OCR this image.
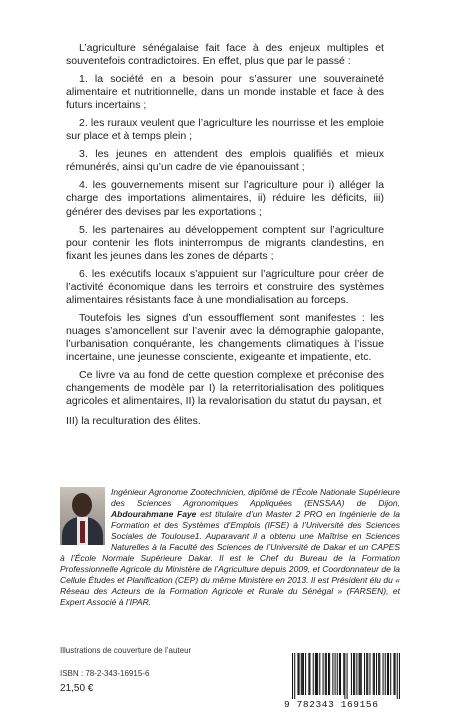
L’agriculture sénégalaise fait face à des enjeux multiples et souventefois contradictoires. En effet, plus que par le passé :

1. la société en a besoin pour s’assurer une souveraineté alimentaire et nutritionnelle, dans un monde instable et face à des futurs incertains ;

2. les ruraux veulent que l’agriculture les nourrisse et les emploie sur place et à temps plein ;

3. les jeunes en attendent des emplois qualifiés et mieux rémunérés, ainsi qu’un cadre de vie épanouissant ;

4. les gouvernements misent sur l’agriculture pour i) alléger la charge des importations alimentaires, ii) réduire les déficits, iii) générer des devises par les exportations ;

5. les partenaires au développement comptent sur l’agriculture pour contenir les flots ininterrompus de migrants clandestins, en fixant les jeunes dans les zones de départs ;

6. les exécutifs locaux s’appuient sur l’agriculture pour créer de l’activité économique dans les terroirs et construire des systèmes alimentaires résistants face à une mondialisation au forceps.

Toutefois les signes d’un essoufflement sont manifestes : les nuages s’amoncellent sur l’avenir avec la démographie galopante, l’urbanisation conquérante, les changements climatiques à l’issue incertaine, une jeunesse consciente, exigeante et impatiente, etc.

Ce livre va au fond de cette question complexe et préconise des changements de modèle par I) la reterritorialisation des politiques agricoles et alimentaires, II) la revalorisation du statut du paysan, et

III) la reculturation des élites.

Ingénieur Agronome Zootechnicien, diplômé de l’École Nationale Supérieure des Sciences Agronomiques Appliquées (ENSSAA) de Dijon, Abdourahmane Faye est titulaire d’un Master 2 PRO en Ingénierie de la Formation et des Systèmes d’Emplois (IFSE) à l’Université des Sciences Sociales de Toulouse1. Auparavant il a obtenu une Maîtrise en Sciences Naturelles à la Faculté des Sciences de l’Université de Dakar et un CAPES à l’École Normale Supérieure Dakar. Il est le Chef du Bureau de la Formation Professionnelle Agricole du Ministère de l’Agriculture depuis 2009, et Coordonnateur de la Cellule Études et Planification (CEP) du même Ministère en 2013. Il est Président élu du « Réseau des Acteurs de la Formation Agricole et Rurale du Sénégal » (FARSEN), et Expert Associé à l’IPAR.

Illustrations de couverture de l’auteur
ISBN : 78-2-343-16915-6
21,50 €
9 782343 169156
